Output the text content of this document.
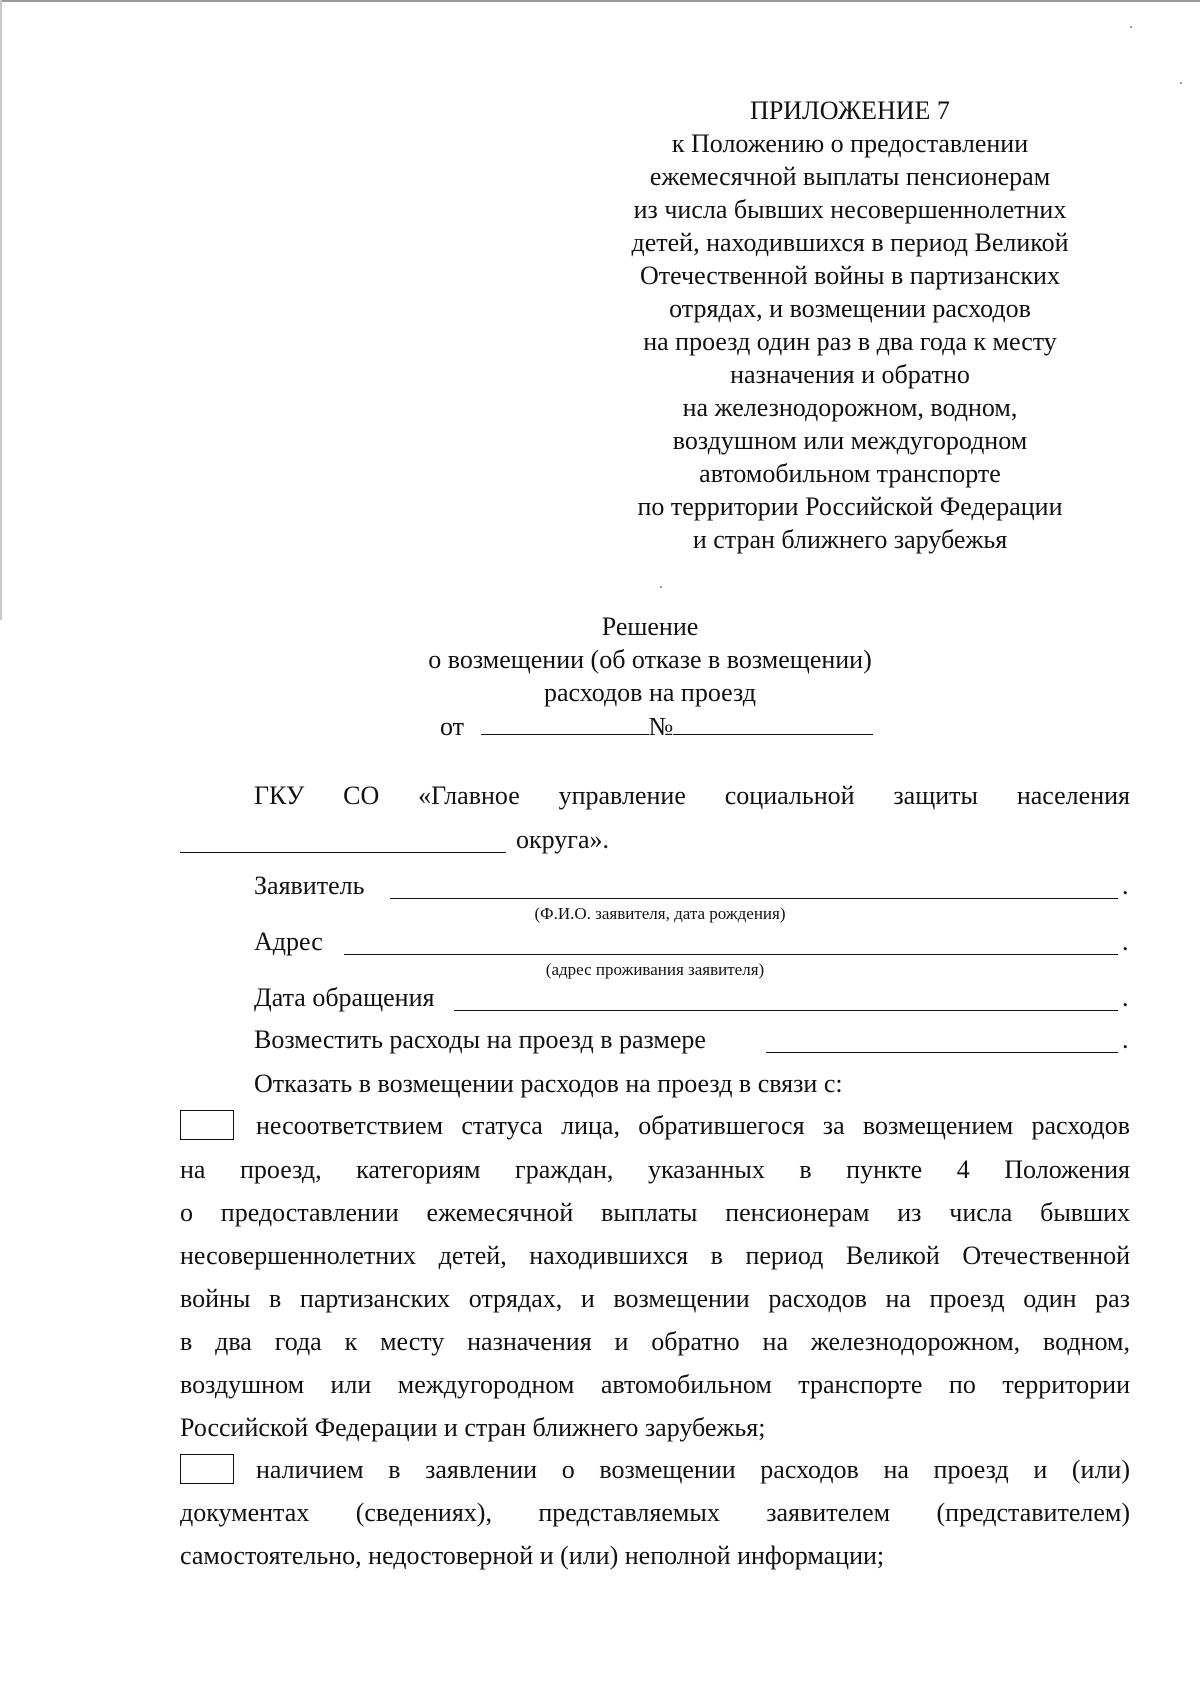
ПРИЛОЖЕНИЕ 7
к Положению о предоставлении
ежемесячной выплаты пенсионерам
из числа бывших несовершеннолетних
детей, находившихся в период Великой
Отечественной войны в партизанских
отрядах, и возмещении расходов
на проезд один раз в два года к месту
назначения и обратно
на железнодорожном, водном,
воздушном или междугородном
автомобильном транспорте
по территории Российской Федерации
и стран ближнего зарубежья
Решение
о возмещении (об отказе в возмещении)
расходов на проезд
от	№
ГКУ СО «Главное управление социальной защиты населения
округа».
Заявитель	.
(Ф.И.О. заявителя, дата рождения)
Адрес	.
(адрес проживания заявителя)
Дата обращения	.
Возместить расходы на проезд в размере	.
Отказать в возмещении расходов на проезд в связи с:
несоответствием статуса лица, обратившегося за возмещением расходов
на проезд, категориям граждан, указанных в пункте 4 Положения
о предоставлении ежемесячной выплаты пенсионерам из числа бывших
несовершеннолетних детей, находившихся в период Великой Отечественной
войны в партизанских отрядах, и возмещении расходов на проезд один раз
в два года к месту назначения и обратно на железнодорожном, водном,
воздушном или междугородном автомобильном транспорте по территории
Российской Федерации и стран ближнего зарубежья;
наличием в заявлении о возмещении расходов на проезд и (или)
документах (сведениях), представляемых заявителем (представителем)
самостоятельно, недостоверной и (или) неполной информации;
